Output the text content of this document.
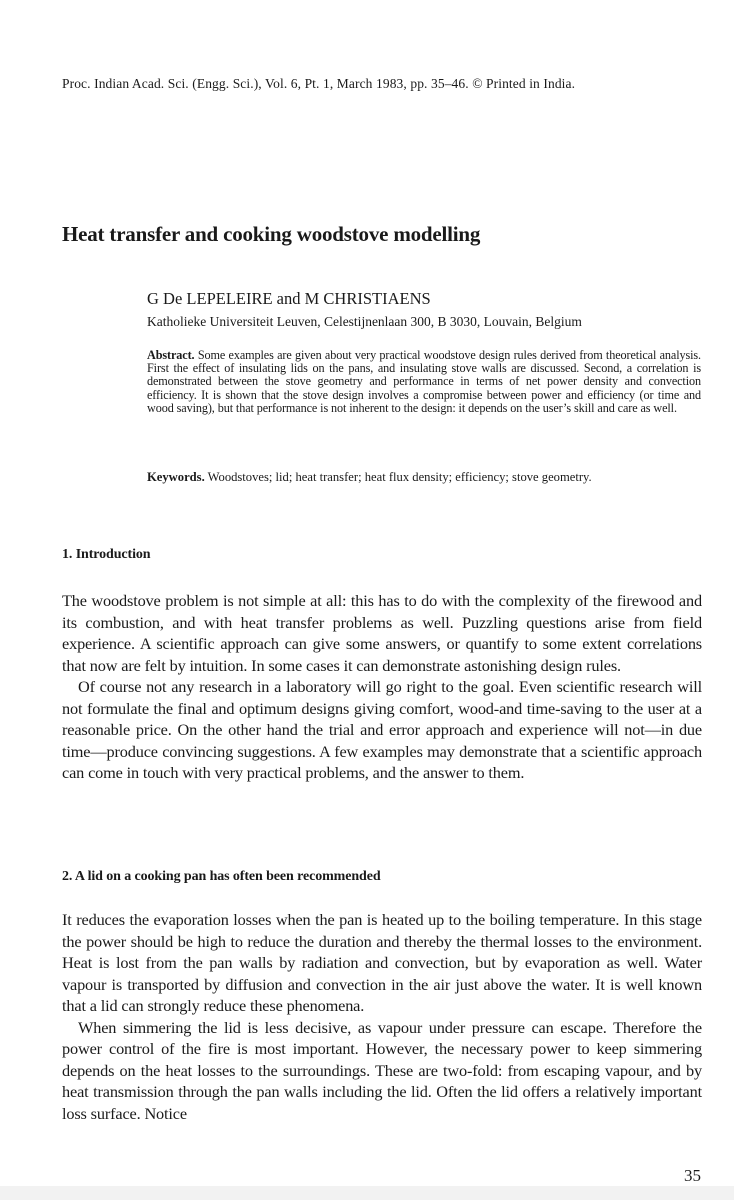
Proc. Indian Acad. Sci. (Engg. Sci.), Vol. 6, Pt. 1, March 1983, pp. 35–46. © Printed in India.
Heat transfer and cooking woodstove modelling
G De LEPELEIRE and M CHRISTIAENS
Katholieke Universiteit Leuven, Celestijnenlaan 300, B 3030, Louvain, Belgium
Abstract. Some examples are given about very practical woodstove design rules derived from theoretical analysis. First the effect of insulating lids on the pans, and insulating stove walls are discussed. Second, a correlation is demonstrated between the stove geometry and performance in terms of net power density and convection efficiency. It is shown that the stove design involves a compromise between power and efficiency (or time and wood saving), but that performance is not inherent to the design: it depends on the user’s skill and care as well.
Keywords. Woodstoves; lid; heat transfer; heat flux density; efficiency; stove geometry.
1. Introduction

The woodstove problem is not simple at all: this has to do with the complexity of the firewood and its combustion, and with heat transfer problems as well. Puzzling questions arise from field experience. A scientific approach can give some answers, or quantify to some extent correlations that now are felt by intuition. In some cases it can demonstrate astonishing design rules.

Of course not any research in a laboratory will go right to the goal. Even scientific research will not formulate the final and optimum designs giving comfort, wood-and time-saving to the user at a reasonable price. On the other hand the trial and error approach and experience will not—in due time—produce convincing suggestions. A few examples may demonstrate that a scientific approach can come in touch with very practical problems, and the answer to them.

2. A lid on a cooking pan has often been recommended

It reduces the evaporation losses when the pan is heated up to the boiling temperature. In this stage the power should be high to reduce the duration and thereby the thermal losses to the environment. Heat is lost from the pan walls by radiation and convection, but by evaporation as well. Water vapour is transported by diffusion and convection in the air just above the water. It is well known that a lid can strongly reduce these phenomena.

When simmering the lid is less decisive, as vapour under pressure can escape. Therefore the power control of the fire is most important. However, the necessary power to keep simmering depends on the heat losses to the surroundings. These are two-fold: from escaping vapour, and by heat transmission through the pan walls including the lid. Often the lid offers a relatively important loss surface. Notice

35
